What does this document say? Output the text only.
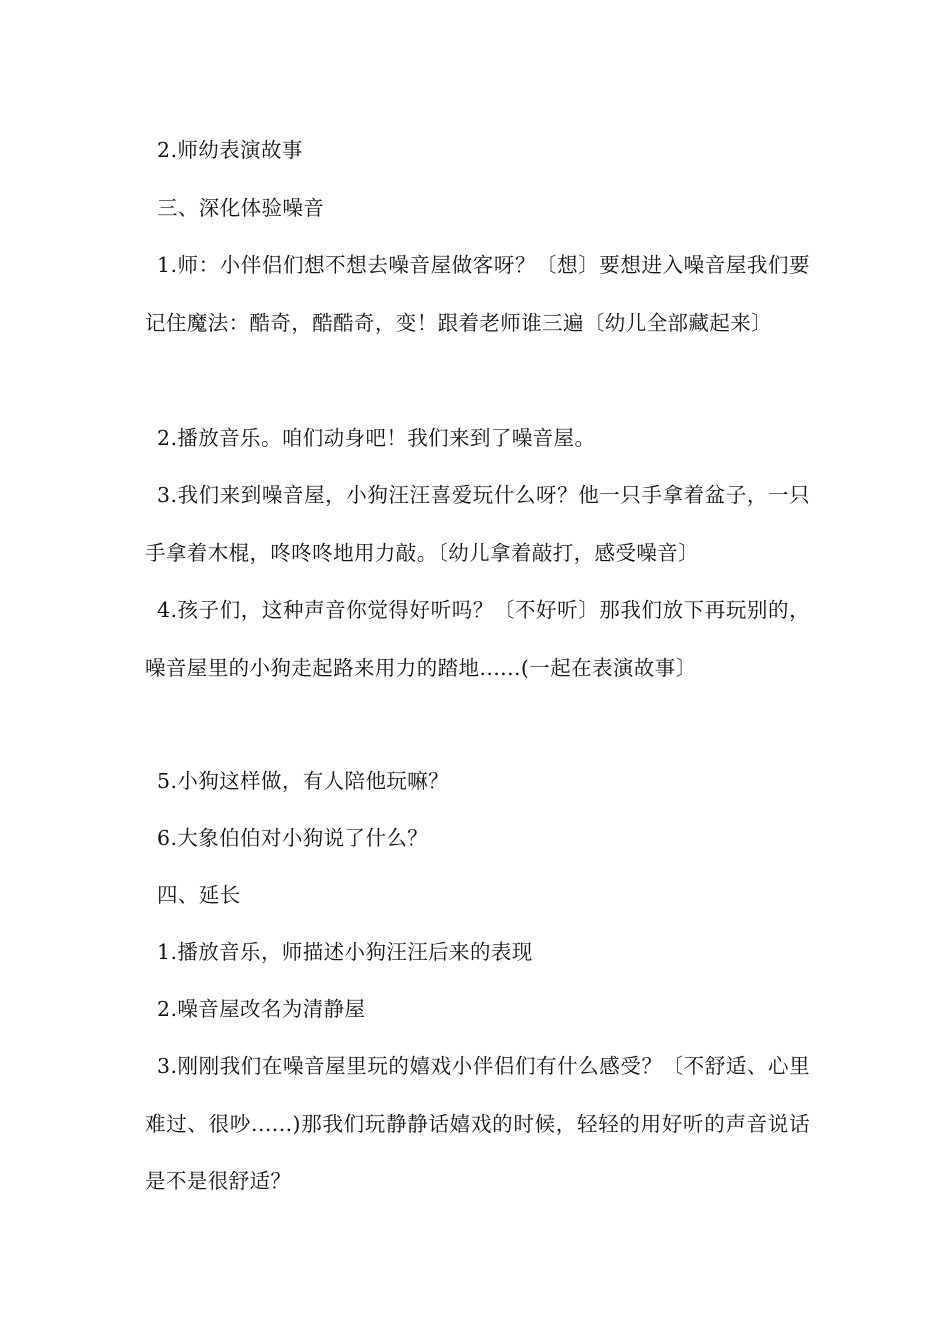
2.师幼表演故事

三、深化体验噪音

1.师：小伴侣们想不想去噪音屋做客呀？〔想〕要想进入噪音屋我们要记住魔法：酷奇，酷酷奇，变！跟着老师谁三遍〔幼儿全部藏起来〕

2.播放音乐。咱们动身吧！我们来到了噪音屋。

3.我们来到噪音屋，小狗汪汪喜爱玩什么呀？他一只手拿着盆子，一只手拿着木棍，咚咚咚地用力敲。〔幼儿拿着敲打，感受噪音〕

4.孩子们，这种声音你觉得好听吗？〔不好听〕那我们放下再玩别的，噪音屋里的小狗走起路来用力的踏地......(一起在表演故事〕

5.小狗这样做，有人陪他玩嘛？

6.大象伯伯对小狗说了什么？

四、延长

1.播放音乐，师描述小狗汪汪后来的表现

2.噪音屋改名为清静屋

3.刚刚我们在噪音屋里玩的嬉戏小伴侣们有什么感受？〔不舒适、心里难过、很吵......)那我们玩静静话嬉戏的时候，轻轻的用好听的声音说话是不是很舒适？
